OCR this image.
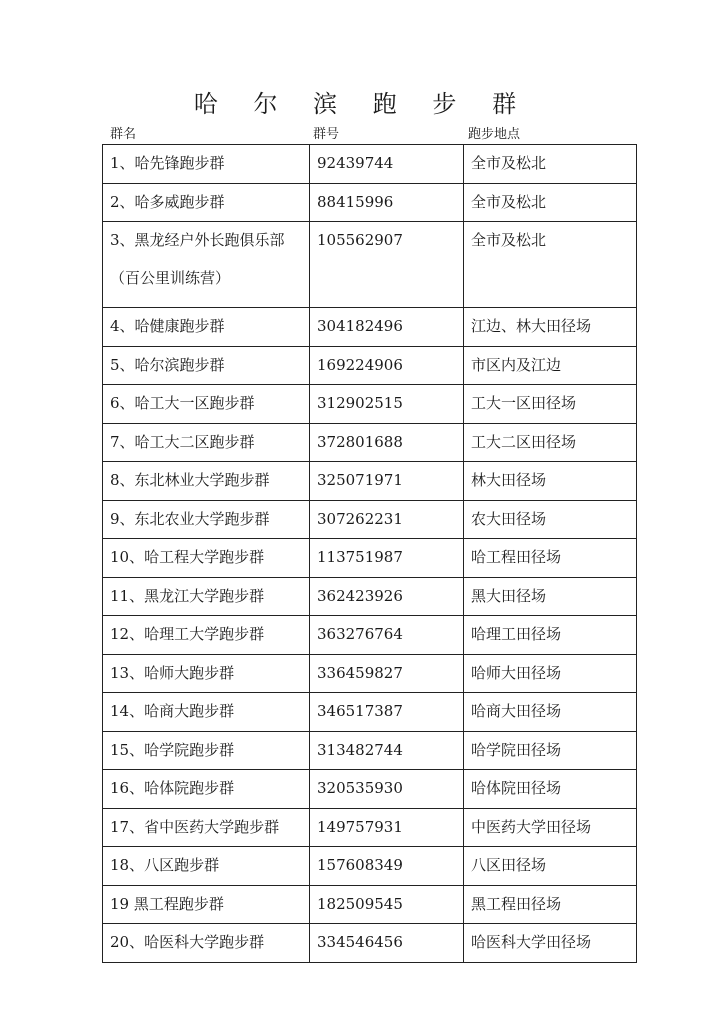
哈 尔 滨 跑 步 群
群名	群号	跑步地点
1、哈先锋跑步群	92439744	全市及松北
2、哈多威跑步群	88415996	全市及松北

3、黑龙经户外长跑俱乐部
（百公里训练营）	105562907	全市及松北
4、哈健康跑步群	304182496	江边、林大田径场
5、哈尔滨跑步群	169224906	市区内及江边
6、哈工大一区跑步群	312902515	工大一区田径场
7、哈工大二区跑步群	372801688	工大二区田径场
8、东北林业大学跑步群	325071971	林大田径场
9、东北农业大学跑步群	307262231	农大田径场
10、哈工程大学跑步群	113751987	哈工程田径场
11、黑龙江大学跑步群	362423926	黑大田径场
12、哈理工大学跑步群	363276764	哈理工田径场
13、哈师大跑步群	336459827	哈师大田径场
14、哈商大跑步群	346517387	哈商大田径场
15、哈学院跑步群	313482744	哈学院田径场
16、哈体院跑步群	320535930	哈体院田径场
17、省中医药大学跑步群	149757931	中医药大学田径场
18、八区跑步群	157608349	八区田径场
19 黑工程跑步群	182509545	黑工程田径场
20、哈医科大学跑步群	334546456	哈医科大学田径场
